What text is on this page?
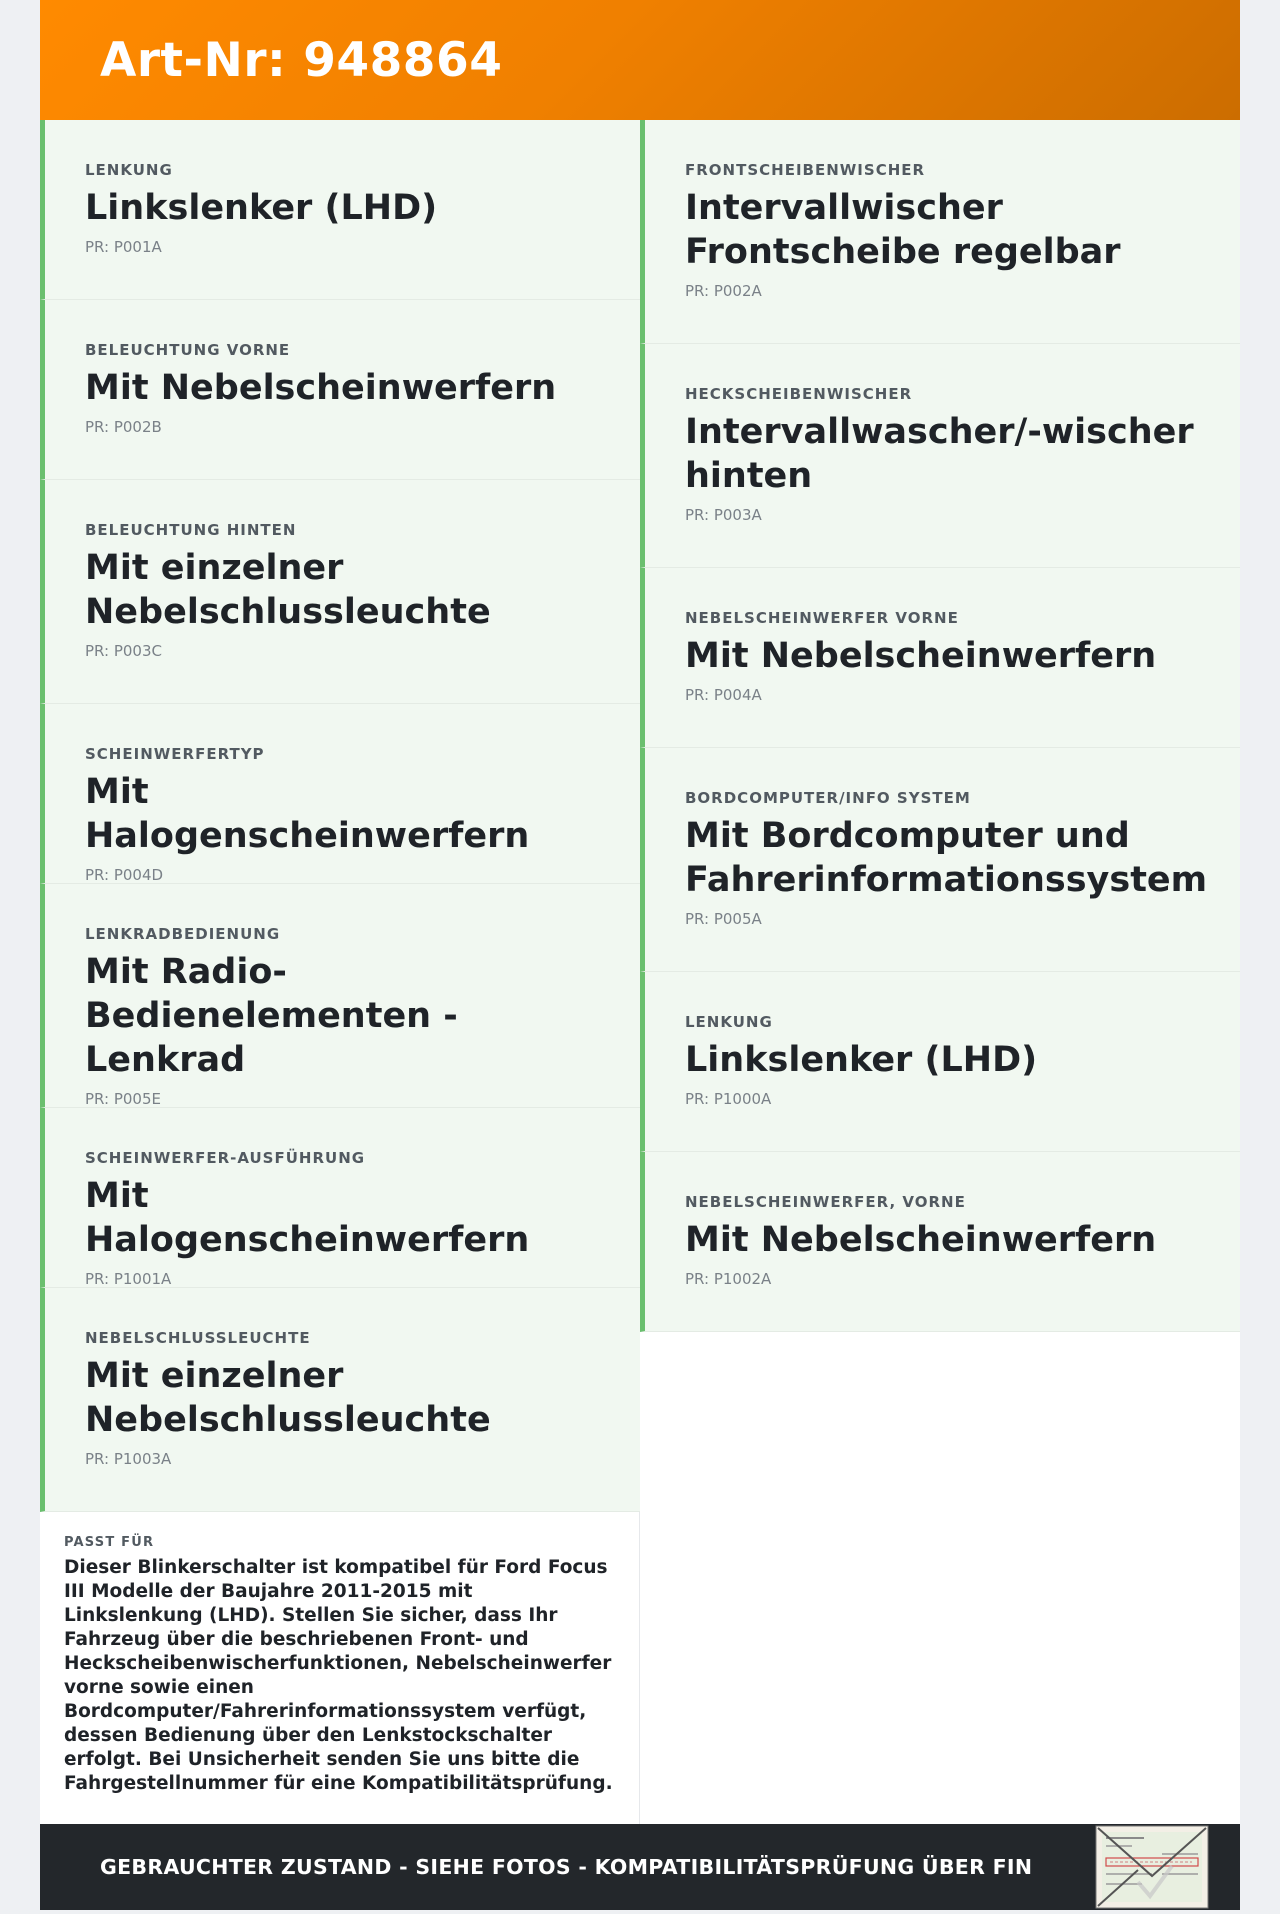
Art-Nr: 948864
LENKUNG
Linkslenker (LHD)
PR: P001A
BELEUCHTUNG VORNE
Mit Nebelscheinwerfern
PR: P002B
BELEUCHTUNG HINTEN
Mit einzelner Nebelschlussleuchte
PR: P003C
SCHEINWERFERTYP
Mit Halogenscheinwerfern
PR: P004D
LENKRADBEDIENUNG
Mit Radio-Bedienelementen - Lenkrad
PR: P005E
SCHEINWERFER-AUSFÜHRUNG
Mit Halogenscheinwerfern
PR: P1001A
NEBELSCHLUSSLEUCHTE
Mit einzelner Nebelschlussleuchte
PR: P1003A
FRONTSCHEIBENWISCHER
Intervallwischer Frontscheibe regelbar
PR: P002A
HECKSCHEIBENWISCHER
Intervallwascher/-wischer hinten
PR: P003A
NEBELSCHEINWERFER VORNE
Mit Nebelscheinwerfern
PR: P004A
BORDCOMPUTER/INFO SYSTEM
Mit Bordcomputer und Fahrerinformationssystem
PR: P005A
LENKUNG
Linkslenker (LHD)
PR: P1000A
NEBELSCHEINWERFER, VORNE
Mit Nebelscheinwerfern
PR: P1002A
PASST FÜR
Dieser Blinkerschalter ist kompatibel für Ford Focus III Modelle der Baujahre 2011-2015 mit Linkslenkung (LHD). Stellen Sie sicher, dass Ihr Fahrzeug über die beschriebenen Front- und Heckscheibenwischerfunktionen, Nebelscheinwerfer vorne sowie einen Bordcomputer/Fahrerinformationssystem verfügt, dessen Bedienung über den Lenkstockschalter erfolgt. Bei Unsicherheit senden Sie uns bitte die Fahrgestellnummer für eine Kompatibilitätsprüfung.
GEBRAUCHTER ZUSTAND - SIEHE FOTOS - KOMPATIBILITÄTSPRÜFUNG ÜBER FIN
